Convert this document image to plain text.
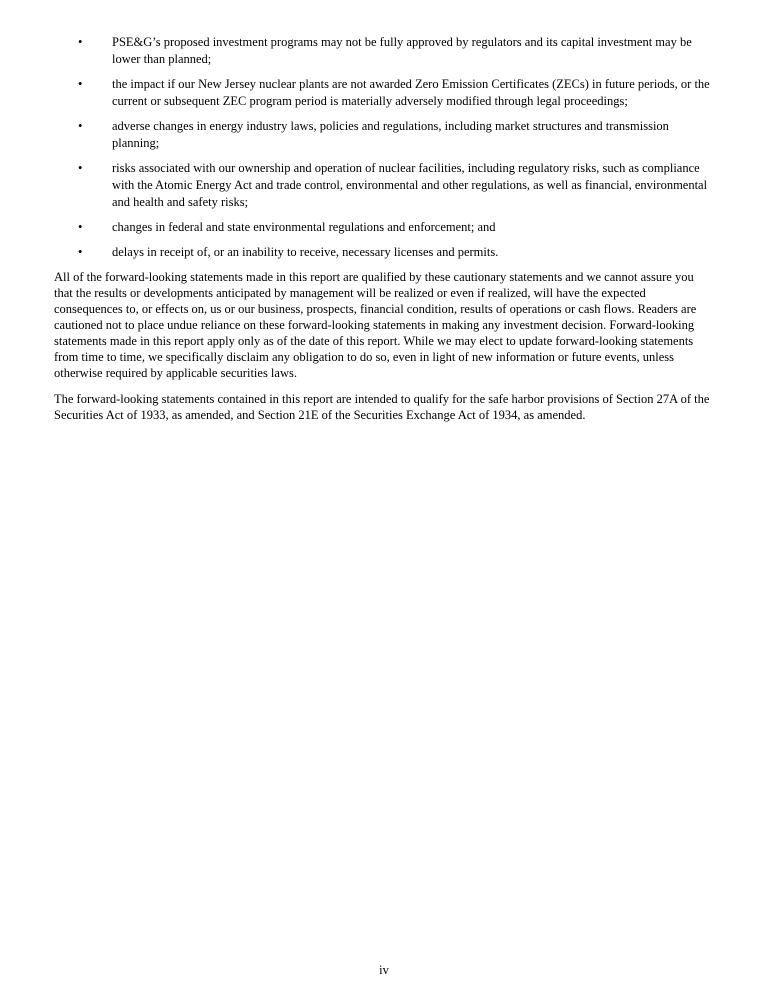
•	PSE&G’s proposed investment programs may not be fully approved by regulators and its capital investment may be lower than planned;
•	the impact if our New Jersey nuclear plants are not awarded Zero Emission Certificates (ZECs) in future periods, or the current or subsequent ZEC program period is materially adversely modified through legal proceedings;
•	adverse changes in energy industry laws, policies and regulations, including market structures and transmission planning;
•	risks associated with our ownership and operation of nuclear facilities, including regulatory risks, such as compliance with the Atomic Energy Act and trade control, environmental and other regulations, as well as financial, environmental and health and safety risks;
•	changes in federal and state environmental regulations and enforcement; and
•	delays in receipt of, or an inability to receive, necessary licenses and permits.

All of the forward-looking statements made in this report are qualified by these cautionary statements and we cannot assure you that the results or developments anticipated by management will be realized or even if realized, will have the expected consequences to, or effects on, us or our business, prospects, financial condition, results of operations or cash flows. Readers are cautioned not to place undue reliance on these forward-looking statements in making any investment decision. Forward-looking statements made in this report apply only as of the date of this report. While we may elect to update forward-looking statements from time to time, we specifically disclaim any obligation to do so, even in light of new information or future events, unless otherwise required by applicable securities laws.

The forward-looking statements contained in this report are intended to qualify for the safe harbor provisions of Section 27A of the Securities Act of 1933, as amended, and Section 21E of the Securities Exchange Act of 1934, as amended.

iv
